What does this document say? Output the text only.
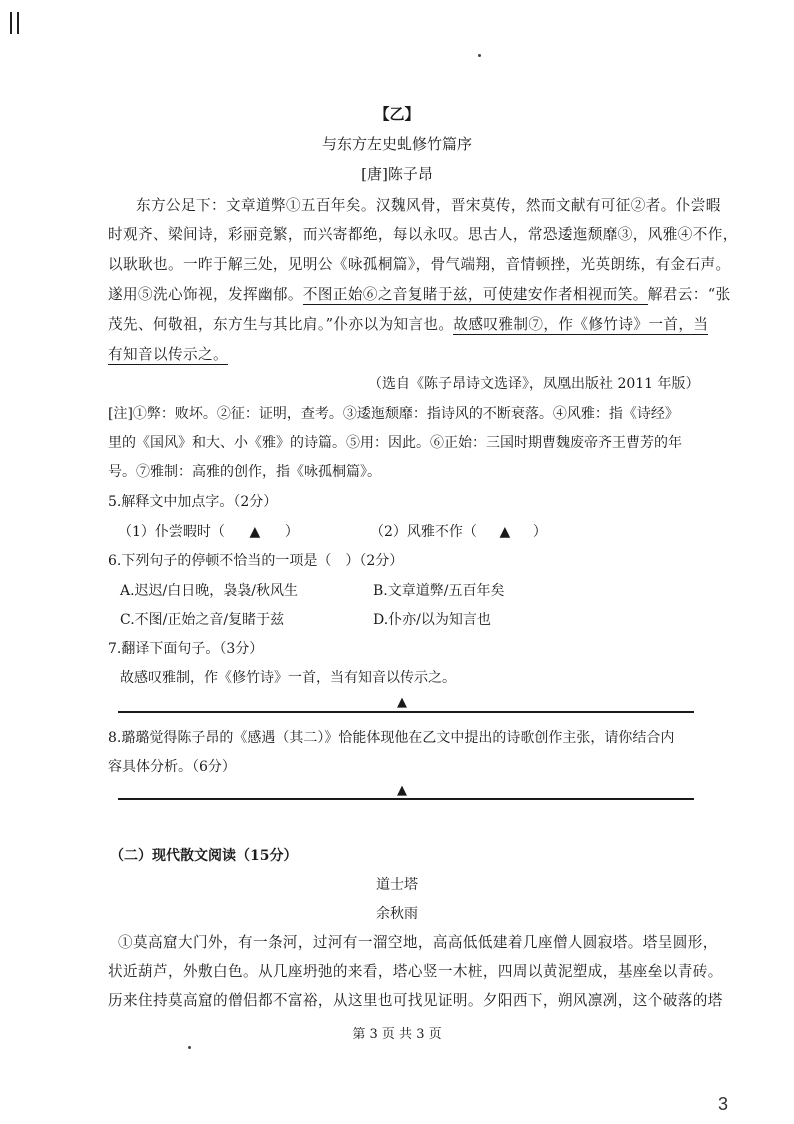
【乙】
与东方左史虬修竹篇序
[唐]陈子昂
东方公足下：文章道弊①五百年矣。汉魏风骨，晋宋莫传，然而文献有可征②者。仆尝暇
时观齐、梁间诗，彩丽竞繁，而兴寄都绝，每以永叹。思古人，常恐逶迤颓靡③，风雅④不作，
以耿耿也。一昨于解三处，见明公《咏孤桐篇》，骨气端翔，音情顿挫，光英朗练，有金石声。
遂用⑤洗心饰视，发挥幽郁。不图正始⑥之音复睹于兹，可使建安作者相视而笑。解君云：“张
茂先、何敬祖，东方生与其比肩。”仆亦以为知言也。故感叹雅制⑦，作《修竹诗》一首，当
有知音以传示之。
（选自《陈子昂诗文选译》，凤凰出版社 2011 年版）
[注]①弊：败坏。②征：证明，查考。③逶迤颓靡：指诗风的不断衰落。④风雅：指《诗经》
里的《国风》和大、小《雅》的诗篇。⑤用：因此。⑥正始：三国时期曹魏废帝齐王曹芳的年
号。⑦雅制：高雅的创作，指《咏孤桐篇》。
5.解释文中加点字。（2分）
（1）仆尝暇时（ ▲ ）	（2）风雅不作（ ▲ ）
6.下列句子的停顿不恰当的一项是（　）（2分）
A.迟迟/白日晚，袅袅/秋风生	B.文章道弊/五百年矣
C.不图/正始之音/复睹于兹	D.仆亦/以为知言也
7.翻译下面句子。（3分）
故感叹雅制，作《修竹诗》一首，当有知音以传示之。
▲
8.璐璐觉得陈子昂的《感遇（其二）》恰能体现他在乙文中提出的诗歌创作主张，请你结合内
容具体分析。（6分）
▲
（二）现代散文阅读（15分）
道士塔
余秋雨
①莫高窟大门外，有一条河，过河有一溜空地，高高低低建着几座僧人圆寂塔。塔呈圆形，
状近葫芦，外敷白色。从几座坍弛的来看，塔心竖一木桩，四周以黄泥塑成，基座垒以青砖。
历来住持莫高窟的僧侣都不富裕，从这里也可找见证明。夕阳西下，朔风凛冽，这个破落的塔
第 3 页 共 3 页
3
